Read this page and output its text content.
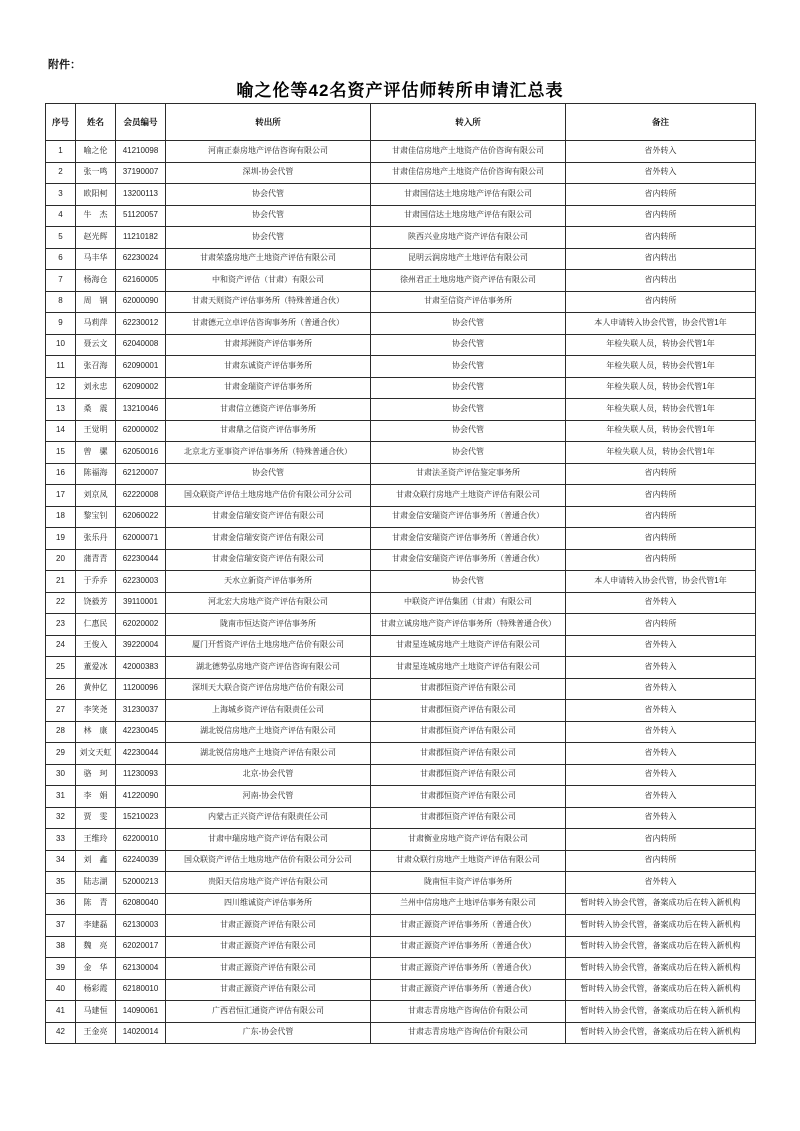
附件：
喻之伦等42名资产评估师转所申请汇总表
序号	姓名	会员编号	转出所	转入所	备注
1	喻之伦	41210098	河南正泰房地产评估咨询有限公司	甘肃佳信房地产土地资产估价咨询有限公司	省外转入
2	张一鸣	37190007	深圳-协会代管	甘肃佳信房地产土地资产估价咨询有限公司	省外转入
3	欧阳柯	13200113	协会代管	甘肃国信达土地房地产评估有限公司	省内转所
4	牛　杰	51120057	协会代管	甘肃国信达土地房地产评估有限公司	省内转所
5	赵光辉	11210182	协会代管	陕西兴业房地产资产评估有限公司	省内转所
6	马丰华	62230024	甘肃荣盛房地产土地资产评估有限公司	昆明云润房地产土地评估有限公司	省内转出
7	杨海仓	62160005	中和资产评估（甘肃）有限公司	徐州君正土地房地产资产评估有限公司	省内转出
8	周　钢	62000090	甘肃天则资产评估事务所（特殊普通合伙）	甘肃至信资产评估事务所	省内转所
9	马莉萍	62230012	甘肃德元立卓评估咨询事务所（普通合伙）	协会代管	本人申请转入协会代管，协会代管1年
10	聂云文	62040008	甘肃邦洲资产评估事务所	协会代管	年检失联人员，转协会代管1年
11	张召海	62090001	甘肃东诚资产评估事务所	协会代管	年检失联人员，转协会代管1年
12	刘永忠	62090002	甘肃金瑞资产评估事务所	协会代管	年检失联人员，转协会代管1年
13	桑　震	13210046	甘肃信立德资产评估事务所	协会代管	年检失联人员，转协会代管1年
14	王觉明	62000002	甘肃鼎之信资产评估事务所	协会代管	年检失联人员，转协会代管1年
15	曾　骡	62050016	北京北方亚事资产评估事务所（特殊普通合伙）	协会代管	年检失联人员，转协会代管1年
16	陈福海	62120007	协会代管	甘肃法圣资产评估鉴定事务所	省内转所
17	刘京凤	62220008	国众联资产评估土地房地产估价有限公司分公司	甘肃众联行房地产土地资产评估有限公司	省内转所
18	黎宝钊	62060022	甘肃金信瑞安资产评估有限公司	甘肃金信安瑞资产评估事务所（普通合伙）	省内转所
19	张乐丹	62000071	甘肃金信瑞安资产评估有限公司	甘肃金信安瑞资产评估事务所（普通合伙）	省内转所
20	蒲青青	62230044	甘肃金信瑞安资产评估有限公司	甘肃金信安瑞资产评估事务所（普通合伙）	省内转所
21	于乔乔	62230003	天水立新资产评估事务所	协会代管	本人申请转入协会代管，协会代管1年
22	饶毅芳	39110001	河北宏大房地产资产评估有限公司	中联资产评估集团（甘肃）有限公司	省外转入
23	仁惠民	62020002	陇南市恒达资产评估事务所	甘肃立诚房地产资产评估事务所（特殊普通合伙）	省内转所
24	王俊入	39220004	厦门开哲资产评估土地房地产估价有限公司	甘肃星连城房地产土地资产评估有限公司	省外转入
25	董爱冰	42000383	湖北德势弘房地产资产评估咨询有限公司	甘肃星连城房地产土地资产评估有限公司	省外转入
26	黄仲亿	11200096	深圳天大联合资产评估房地产估价有限公司	甘肃郡恒资产评估有限公司	省外转入
27	李笑尧	31230037	上海城乡资产评估有限责任公司	甘肃郡恒资产评估有限公司	省外转入
28	林　康	42230045	湖北锐信房地产土地资产评估有限公司	甘肃郡恒资产评估有限公司	省外转入
29	刘文天虹	42230044	湖北锐信房地产土地资产评估有限公司	甘肃郡恒资产评估有限公司	省外转入
30	骆　珂	11230093	北京-协会代管	甘肃郡恒资产评估有限公司	省外转入
31	李　娟	41220090	河南-协会代管	甘肃郡恒资产评估有限公司	省外转入
32	贾　雯	15210023	内蒙古正兴资产评估有限责任公司	甘肃郡恒资产评估有限公司	省外转入
33	王维玲	62200010	甘肃中瑞房地产资产评估有限公司	甘肃衡业房地产资产评估有限公司	省内转所
34	刘　鑫	62240039	国众联资产评估土地房地产估价有限公司分公司	甘肃众联行房地产土地资产评估有限公司	省内转所
35	陆志湖	52000213	贵阳天信房地产资产评估有限公司	陇南恒丰资产评估事务所	省外转入
36	陈　青	62080040	四川维诚资产评估事务所	兰州中信房地产土地评估事务有限公司	暂时转入协会代管，备案成功后在转入新机构
37	李建磊	62130003	甘肃正源资产评估有限公司	甘肃正源资产评估事务所（普通合伙）	暂时转入协会代管，备案成功后在转入新机构
38	魏　亮	62020017	甘肃正源资产评估有限公司	甘肃正源资产评估事务所（普通合伙）	暂时转入协会代管，备案成功后在转入新机构
39	金　华	62130004	甘肃正源资产评估有限公司	甘肃正源资产评估事务所（普通合伙）	暂时转入协会代管，备案成功后在转入新机构
40	杨彩霞	62180010	甘肃正源资产评估有限公司	甘肃正源资产评估事务所（普通合伙）	暂时转入协会代管，备案成功后在转入新机构
41	马建恒	14090061	广西君恒汇通资产评估有限公司	甘肃志青房地产咨询估价有限公司	暂时转入协会代管，备案成功后在转入新机构
42	王金亮	14020014	广东-协会代管	甘肃志青房地产咨询估价有限公司	暂时转入协会代管，备案成功后在转入新机构
